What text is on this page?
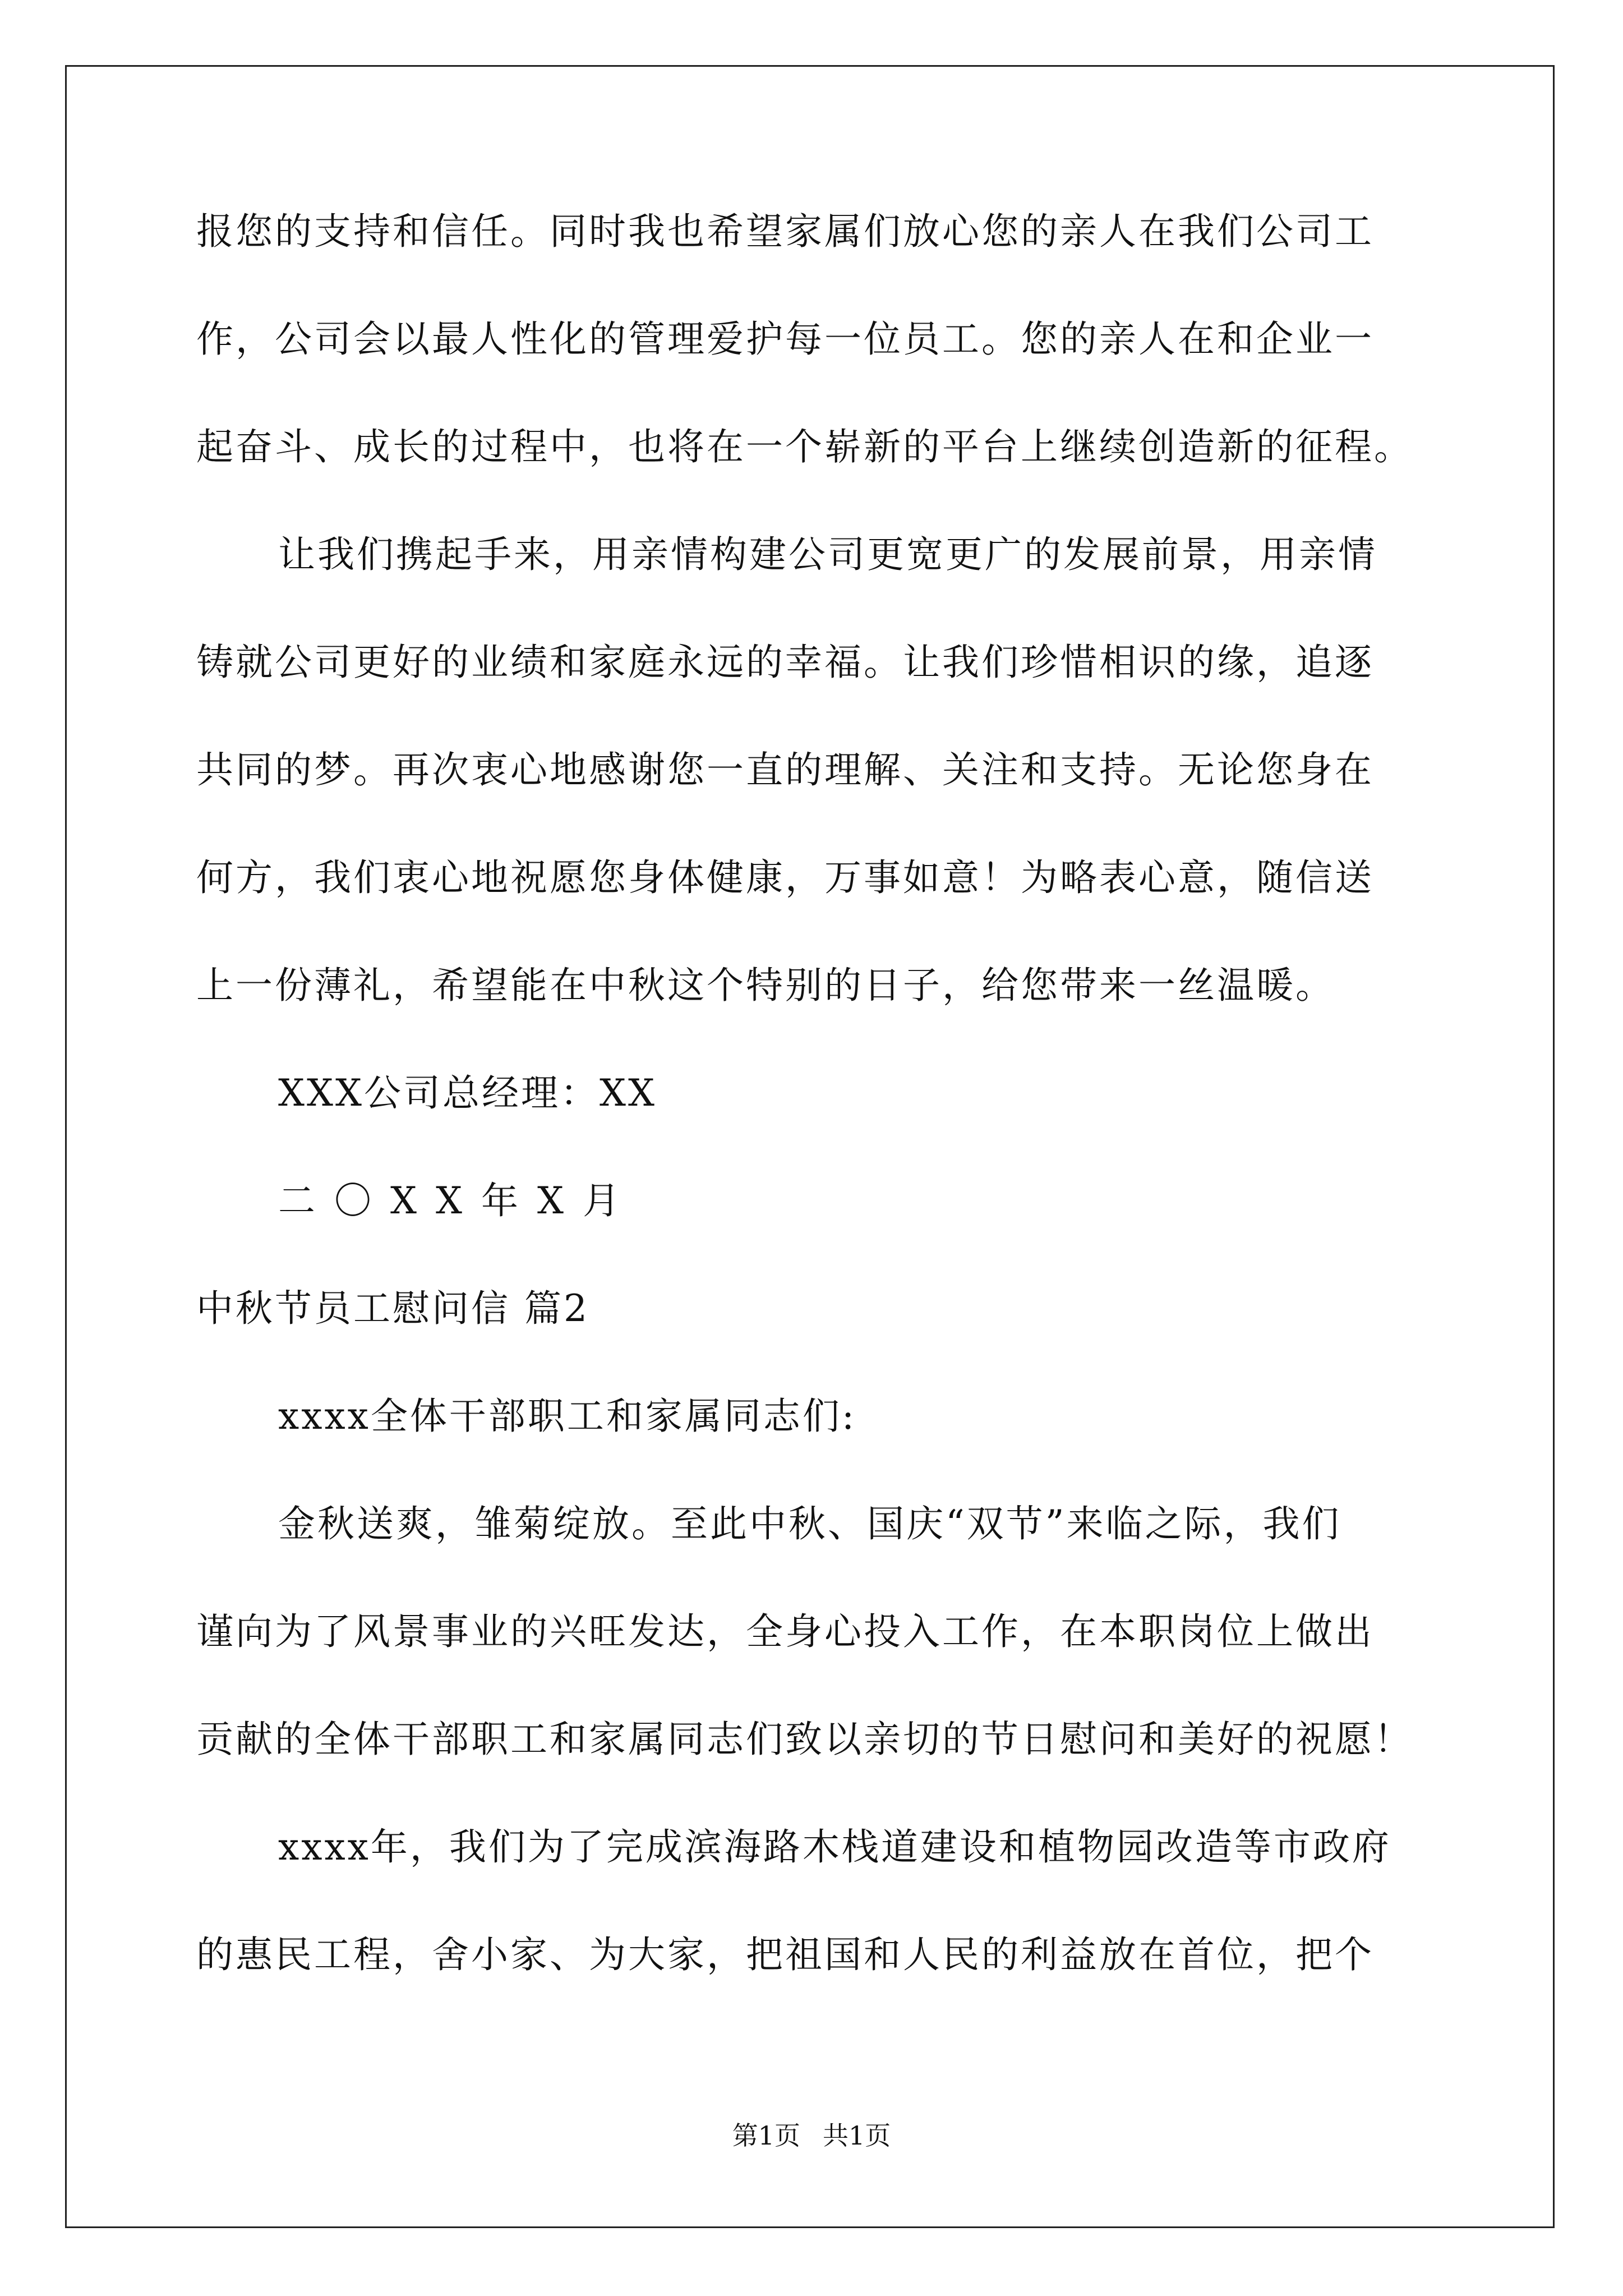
报您的支持和信任。同时我也希望家属们放心您的亲人在我们公司工
作，公司会以最人性化的管理爱护每一位员工。您的亲人在和企业一
起奋斗、成长的过程中，也将在一个崭新的平台上继续创造新的征程。
让我们携起手来，用亲情构建公司更宽更广的发展前景，用亲情
铸就公司更好的业绩和家庭永远的幸福。让我们珍惜相识的缘，追逐
共同的梦。再次衷心地感谢您一直的理解、关注和支持。无论您身在
何方，我们衷心地祝愿您身体健康，万事如意！为略表心意，随信送
上一份薄礼，希望能在中秋这个特别的日子，给您带来一丝温暖。
XXX公司总经理：XX
二〇XX年X月
中秋节员工慰问信 篇2
xxxx全体干部职工和家属同志们:
金秋送爽，雏菊绽放。至此中秋、国庆“双节”来临之际，我们
谨向为了风景事业的兴旺发达，全身心投入工作，在本职岗位上做出
贡献的全体干部职工和家属同志们致以亲切的节日慰问和美好的祝愿！
xxxx年，我们为了完成滨海路木栈道建设和植物园改造等市政府
的惠民工程，舍小家、为大家，把祖国和人民的利益放在首位，把个
第1页 共1页
